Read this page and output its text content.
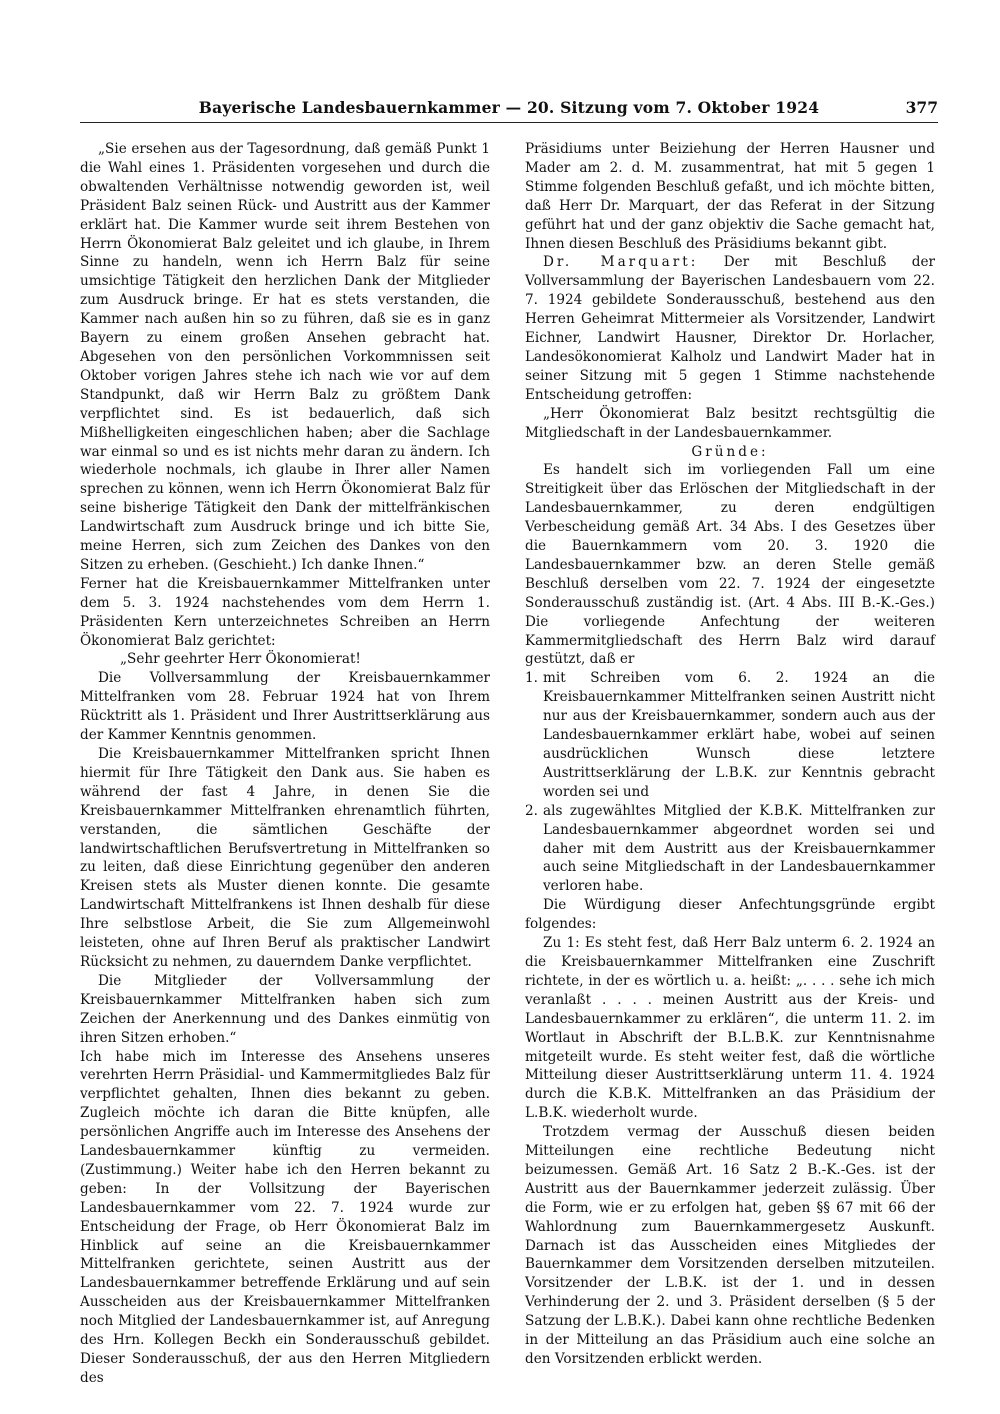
Bayerische Landesbauernkammer — 20. Sitzung vom 7. Oktober 1924	377

„Sie ersehen aus der Tagesordnung, daß gemäß Punkt 1 die Wahl eines 1. Präsidenten vorgesehen und durch die obwaltenden Verhältnisse notwendig geworden ist, weil Präsident Balz seinen Rück- und Austritt aus der Kammer erklärt hat. Die Kammer wurde seit ihrem Bestehen von Herrn Ökonomierat Balz geleitet und ich glaube, in Ihrem Sinne zu handeln, wenn ich Herrn Balz für seine umsichtige Tätigkeit den herzlichen Dank der Mitglieder zum Ausdruck bringe. Er hat es stets verstanden, die Kammer nach außen hin so zu führen, daß sie es in ganz Bayern zu einem großen Ansehen gebracht hat. Abgesehen von den persönlichen Vorkommnissen seit Oktober vorigen Jahres stehe ich nach wie vor auf dem Standpunkt, daß wir Herrn Balz zu größtem Dank verpflichtet sind. Es ist bedauerlich, daß sich Mißhelligkeiten eingeschlichen haben; aber die Sachlage war einmal so und es ist nichts mehr daran zu ändern. Ich wiederhole nochmals, ich glaube in Ihrer aller Namen sprechen zu können, wenn ich Herrn Ökonomierat Balz für seine bisherige Tätigkeit den Dank der mittelfränkischen Landwirtschaft zum Ausdruck bringe und ich bitte Sie, meine Herren, sich zum Zeichen des Dankes von den Sitzen zu erheben. (Geschieht.) Ich danke Ihnen.“

Ferner hat die Kreisbauernkammer Mittelfranken unter dem 5. 3. 1924 nachstehendes vom dem Herrn 1. Präsidenten Kern unterzeichnetes Schreiben an Herrn Ökonomierat Balz gerichtet:

„Sehr geehrter Herr Ökonomierat!

Die Vollversammlung der Kreisbauernkammer Mittelfranken vom 28. Februar 1924 hat von Ihrem Rücktritt als 1. Präsident und Ihrer Austrittserklärung aus der Kammer Kenntnis genommen.

Die Kreisbauernkammer Mittelfranken spricht Ihnen hiermit für Ihre Tätigkeit den Dank aus. Sie haben es während der fast 4 Jahre, in denen Sie die Kreisbauernkammer Mittelfranken ehrenamtlich führten, verstanden, die sämtlichen Geschäfte der landwirtschaftlichen Berufsvertretung in Mittelfranken so zu leiten, daß diese Einrichtung gegenüber den anderen Kreisen stets als Muster dienen konnte. Die gesamte Landwirtschaft Mittelfrankens ist Ihnen deshalb für diese Ihre selbstlose Arbeit, die Sie zum Allgemeinwohl leisteten, ohne auf Ihren Beruf als praktischer Landwirt Rücksicht zu nehmen, zu dauerndem Danke verpflichtet.

Die Mitglieder der Vollversammlung der Kreisbauernkammer Mittelfranken haben sich zum Zeichen der Anerkennung und des Dankes einmütig von ihren Sitzen erhoben.“

Ich habe mich im Interesse des Ansehens unseres verehrten Herrn Präsidial- und Kammermitgliedes Balz für verpflichtet gehalten, Ihnen dies bekannt zu geben. Zugleich möchte ich daran die Bitte knüpfen, alle persönlichen Angriffe auch im Interesse des Ansehens der Landesbauernkammer künftig zu vermeiden. (Zustimmung.) Weiter habe ich den Herren bekannt zu geben: In der Vollsitzung der Bayerischen Landesbauernkammer vom 22. 7. 1924 wurde zur Entscheidung der Frage, ob Herr Ökonomierat Balz im Hinblick auf seine an die Kreisbauernkammer Mittelfranken gerichtete, seinen Austritt aus der Landesbauernkammer betreffende Erklärung und auf sein Ausscheiden aus der Kreisbauernkammer Mittelfranken noch Mitglied der Landesbauernkammer ist, auf Anregung des Hrn. Kollegen Beckh ein Sonderausschuß gebildet. Dieser Sonderausschuß, der aus den Herren Mitgliedern des

Präsidiums unter Beiziehung der Herren Hausner und Mader am 2. d. M. zusammentrat, hat mit 5 gegen 1 Stimme folgenden Beschluß gefaßt, und ich möchte bitten, daß Herr Dr. Marquart, der das Referat in der Sitzung geführt hat und der ganz objektiv die Sache gemacht hat, Ihnen diesen Beschluß des Präsidiums bekannt gibt.

Dr. Marquart: Der mit Beschluß der Vollversammlung der Bayerischen Landesbauern vom 22. 7. 1924 gebildete Sonderausschuß, bestehend aus den Herren Geheimrat Mittermeier als Vorsitzender, Landwirt Eichner, Landwirt Hausner, Direktor Dr. Horlacher, Landesökonomierat Kalholz und Landwirt Mader hat in seiner Sitzung mit 5 gegen 1 Stimme nachstehende Entscheidung getroffen:

„Herr Ökonomierat Balz besitzt rechtsgültig die Mitgliedschaft in der Landesbauernkammer.

Gründe:

Es handelt sich im vorliegenden Fall um eine Streitigkeit über das Erlöschen der Mitgliedschaft in der Landesbauernkammer, zu deren endgültigen Verbescheidung gemäß Art. 34 Abs. I des Gesetzes über die Bauernkammern vom 20. 3. 1920 die Landesbauernkammer bzw. an deren Stelle gemäß Beschluß derselben vom 22. 7. 1924 der eingesetzte Sonderausschuß zuständig ist. (Art. 4 Abs. III B.-K.-Ges.) Die vorliegende Anfechtung der weiteren Kammermitgliedschaft des Herrn Balz wird darauf gestützt, daß er

1. mit Schreiben vom 6. 2. 1924 an die Kreisbauernkammer Mittelfranken seinen Austritt nicht nur aus der Kreisbauernkammer, sondern auch aus der Landesbauernkammer erklärt habe, wobei auf seinen ausdrücklichen Wunsch diese letztere Austrittserklärung der L.B.K. zur Kenntnis gebracht worden sei und
2. als zugewähltes Mitglied der K.B.K. Mittelfranken zur Landesbauernkammer abgeordnet worden sei und daher mit dem Austritt aus der Kreisbauernkammer auch seine Mitgliedschaft in der Landesbauernkammer verloren habe.

Die Würdigung dieser Anfechtungsgründe ergibt folgendes:

Zu 1: Es steht fest, daß Herr Balz unterm 6. 2. 1924 an die Kreisbauernkammer Mittelfranken eine Zuschrift richtete, in der es wörtlich u. a. heißt: „. . . . sehe ich mich veranlaßt . . . . meinen Austritt aus der Kreis- und Landesbauernkammer zu erklären“, die unterm 11. 2. im Wortlaut in Abschrift der B.L.B.K. zur Kenntnisnahme mitgeteilt wurde. Es steht weiter fest, daß die wörtliche Mitteilung dieser Austrittserklärung unterm 11. 4. 1924 durch die K.B.K. Mittelfranken an das Präsidium der L.B.K. wiederholt wurde.

Trotzdem vermag der Ausschuß diesen beiden Mitteilungen eine rechtliche Bedeutung nicht beizumessen. Gemäß Art. 16 Satz 2 B.-K.-Ges. ist der Austritt aus der Bauernkammer jederzeit zulässig. Über die Form, wie er zu erfolgen hat, geben §§ 67 mit 66 der Wahlordnung zum Bauernkammergesetz Auskunft. Darnach ist das Ausscheiden eines Mitgliedes der Bauernkammer dem Vorsitzenden derselben mitzuteilen. Vorsitzender der L.B.K. ist der 1. und in dessen Verhinderung der 2. und 3. Präsident derselben (§ 5 der Satzung der L.B.K.). Dabei kann ohne rechtliche Bedenken in der Mitteilung an das Präsidium auch eine solche an den Vorsitzenden erblickt werden.
